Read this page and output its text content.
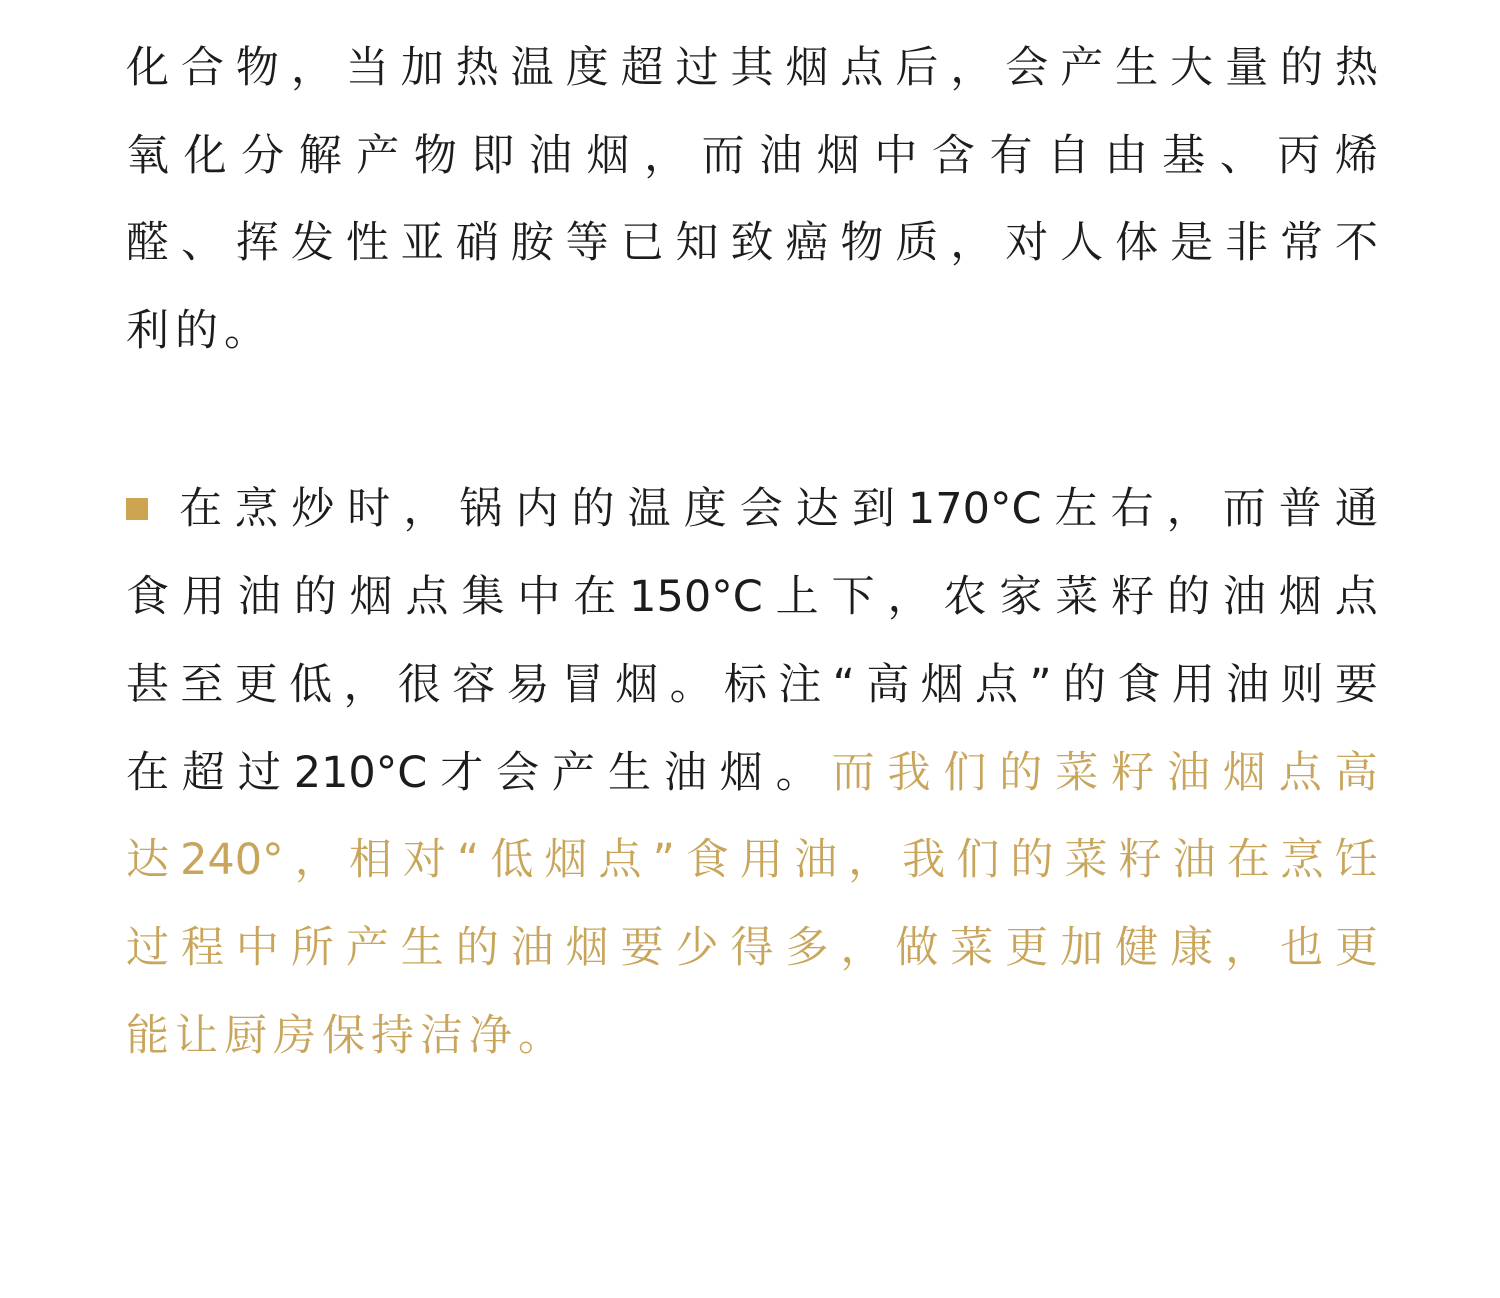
化 合 物 ， 当 加 热 温 度 超 过 其 烟 点 后 ， 会 产 生 大 量 的 热
氧 化 分 解 产 物 即 油 烟 ， 而 油 烟 中 含 有 自 由 基 、 丙 烯
醛 、 挥 发 性 亚 硝 胺 等 已 知 致 癌 物 质 ， 对 人 体 是 非 常 不
利的。
在 烹 炒 时 ， 锅 内 的 温 度 会 达 到 170°C 左 右 ， 而 普 通
食 用 油 的 烟 点 集 中 在 150°C 上 下 ， 农 家 菜 籽 的 油 烟 点
甚 至 更 低 ， 很 容 易 冒 烟 。 标 注 “ 高 烟 点 ” 的 食 用 油 则 要
在 超 过 210°C 才 会 产 生 油 烟 。 而 我 们 的 菜 籽 油 烟 点 高
达 240° ， 相 对 “ 低 烟 点 ” 食 用 油 ， 我 们 的 菜 籽 油 在 烹 饪
过 程 中 所 产 生 的 油 烟 要 少 得 多 ， 做 菜 更 加 健 康 ， 也 更
能让厨房保持洁净。
